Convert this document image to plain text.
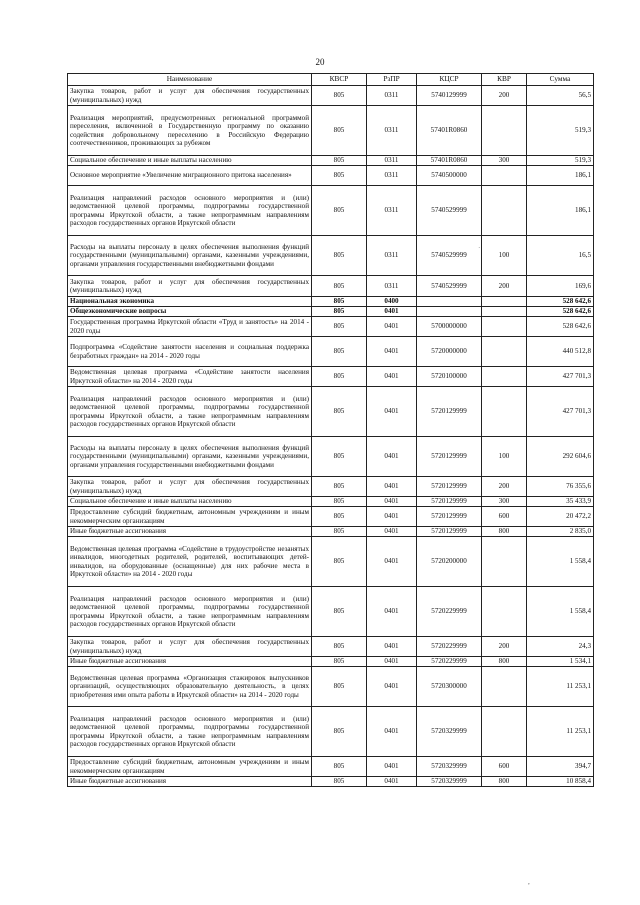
20
Наименование	КВСР	РзПР	КЦСР	КВР	Сумма
Закупка товаров, работ и услуг для обеспечения государственных (муниципальных) нужд	805	0311	5740129999	200	56,5
Реализация мероприятий, предусмотренных региональной программой переселения, включенной в Государственную программу по оказанию содействия добровольному переселению в Российскую Федерацию соотечественников, проживающих за рубежом	805	0311	57401R0860		519,3
Социальное обеспечение и иные выплаты населению	805	0311	57401R0860	300	519,3
Основное мероприятие «Увеличение миграционного притока населения»	805	0311	5740500000		186,1
Реализация направлений расходов основного мероприятия и (или) ведомственной целевой программы, подпрограммы государственной программы Иркутской области, а также непрограммным направлениям расходов государственных органов Иркутской области	805	0311	5740529999		186,1
Расходы на выплаты персоналу в целях обеспечения выполнения функций государственными (муниципальными) органами, казенными учреждениями, органами управления государственными внебюджетными фондами	805	0311	5740529999	100	16,5
Закупка товаров, работ и услуг для обеспечения государственных (муниципальных) нужд	805	0311	5740529999	200	169,6
Национальная экономика	805	0400			528 642,6
Общеэкономические вопросы	805	0401			528 642,6
Государственная программа Иркутской области «Труд и занятость» на 2014 - 2020 годы	805	0401	5700000000		528 642,6
Подпрограмма «Содействие занятости населения и социальная поддержка безработных граждан» на 2014 - 2020 годы	805	0401	5720000000		440 512,8
Ведомственная целевая программа «Содействие занятости населения Иркутской области» на 2014 - 2020 годы	805	0401	5720100000		427 701,3
Реализация направлений расходов основного мероприятия и (или) ведомственной целевой программы, подпрограммы государственной программы Иркутской области, а также непрограммным направлениям расходов государственных органов Иркутской области	805	0401	5720129999		427 701,3
Расходы на выплаты персоналу в целях обеспечения выполнения функций государственными (муниципальными) органами, казенными учреждениями, органами управления государственными внебюджетными фондами	805	0401	5720129999	100	292 604,6
Закупка товаров, работ и услуг для обеспечения государственных (муниципальных) нужд	805	0401	5720129999	200	76 355,6
Социальное обеспечение и иные выплаты населению	805	0401	5720129999	300	35 433,9
Предоставление субсидий бюджетным, автономным учреждениям и иным некоммерческим организациям	805	0401	5720129999	600	20 472,2
Иные бюджетные ассигнования	805	0401	5720129999	800	2 835,0
Ведомственная целевая программа «Содействие в трудоустройстве незанятых инвалидов, многодетных родителей, родителей, воспитывающих детей-инвалидов, на оборудованные (оснащенные) для них рабочие места в Иркутской области» на 2014 - 2020 годы	805	0401	5720200000		1 558,4
Реализация направлений расходов основного мероприятия и (или) ведомственной целевой программы, подпрограммы государственной программы Иркутской области, а также непрограммным направлениям расходов государственных органов Иркутской области	805	0401	5720229999		1 558,4
Закупка товаров, работ и услуг для обеспечения государственных (муниципальных) нужд	805	0401	5720229999	200	24,3
Иные бюджетные ассигнования	805	0401	5720229999	800	1 534,1
Ведомственная целевая программа «Организация стажировок выпускников организаций, осуществляющих образовательную деятельность, в целях приобретения ими опыта работы в Иркутской области» на 2014 - 2020 годы	805	0401	5720300000		11 253,1
Реализация направлений расходов основного мероприятия и (или) ведомственной целевой программы, подпрограммы государственной программы Иркутской области, а также непрограммным направлениям расходов государственных органов Иркутской области	805	0401	5720329999		11 253,1
Предоставление субсидий бюджетным, автономным учреждениям и иным некоммерческим организациям	805	0401	5720329999	600	394,7
Иные бюджетные ассигнования	805	0401	5720329999	800	10 858,4
˙
,
